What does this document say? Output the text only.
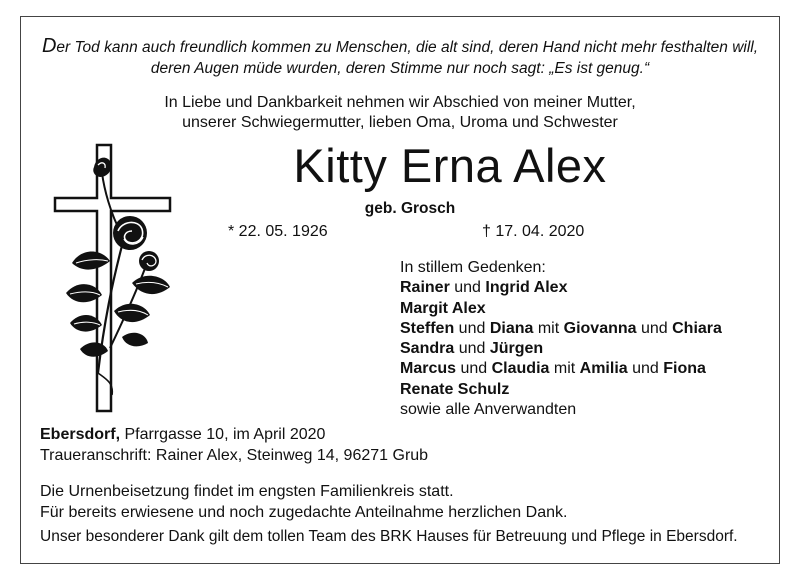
Der Tod kann auch freundlich kommen zu Menschen, die alt sind, deren Hand nicht mehr festhalten will,
deren Augen müde wurden, deren Stimme nur noch sagt: „Es ist genug.“
In Liebe und Dankbarkeit nehmen wir Abschied von meiner Mutter,
unserer Schwiegermutter, lieben Oma, Uroma und Schwester
Kitty Erna Alex
geb. Grosch
* 22. 05. 1926	† 17. 04. 2020
In stillem Gedenken:
Rainer und Ingrid Alex
Margit Alex
Steffen und Diana mit Giovanna und Chiara
Sandra und Jürgen
Marcus und Claudia mit Amilia und Fiona
Renate Schulz
sowie alle Anverwandten
Ebersdorf, Pfarrgasse 10, im April 2020
Traueranschrift: Rainer Alex, Steinweg 14, 96271 Grub
Die Urnenbeisetzung findet im engsten Familienkreis statt.
Für bereits erwiesene und noch zugedachte Anteilnahme herzlichen Dank.
Unser besonderer Dank gilt dem tollen Team des BRK Hauses für Betreuung und Pflege in Ebersdorf.
